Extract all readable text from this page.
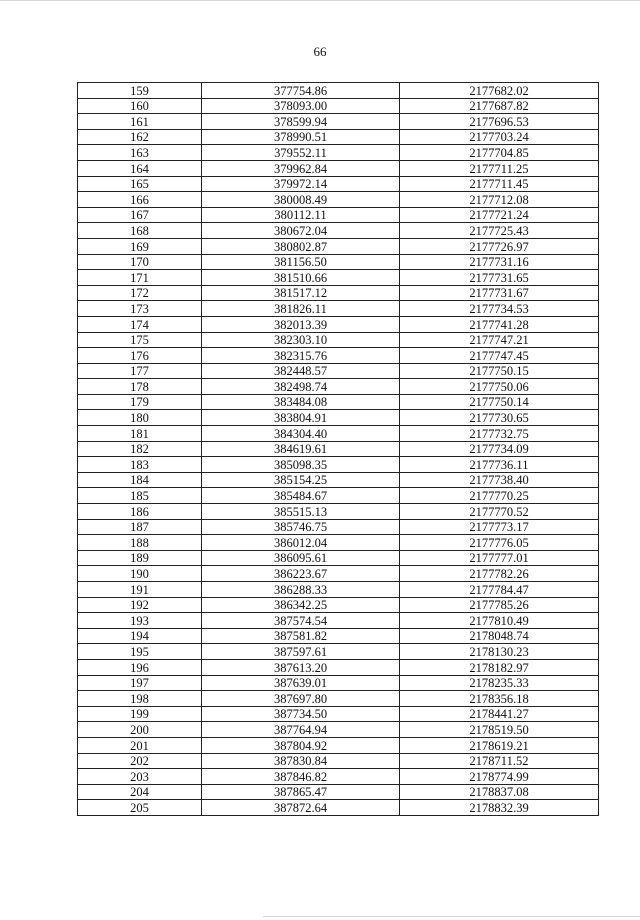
66
159	377754.86	2177682.02
160	378093.00	2177687.82
161	378599.94	2177696.53
162	378990.51	2177703.24
163	379552.11	2177704.85
164	379962.84	2177711.25
165	379972.14	2177711.45
166	380008.49	2177712.08
167	380112.11	2177721.24
168	380672.04	2177725.43
169	380802.87	2177726.97
170	381156.50	2177731.16
171	381510.66	2177731.65
172	381517.12	2177731.67
173	381826.11	2177734.53
174	382013.39	2177741.28
175	382303.10	2177747.21
176	382315.76	2177747.45
177	382448.57	2177750.15
178	382498.74	2177750.06
179	383484.08	2177750.14
180	383804.91	2177730.65
181	384304.40	2177732.75
182	384619.61	2177734.09
183	385098.35	2177736.11
184	385154.25	2177738.40
185	385484.67	2177770.25
186	385515.13	2177770.52
187	385746.75	2177773.17
188	386012.04	2177776.05
189	386095.61	2177777.01
190	386223.67	2177782.26
191	386288.33	2177784.47
192	386342.25	2177785.26
193	387574.54	2177810.49
194	387581.82	2178048.74
195	387597.61	2178130.23
196	387613.20	2178182.97
197	387639.01	2178235.33
198	387697.80	2178356.18
199	387734.50	2178441.27
200	387764.94	2178519.50
201	387804.92	2178619.21
202	387830.84	2178711.52
203	387846.82	2178774.99
204	387865.47	2178837.08
205	387872.64	2178832.39
